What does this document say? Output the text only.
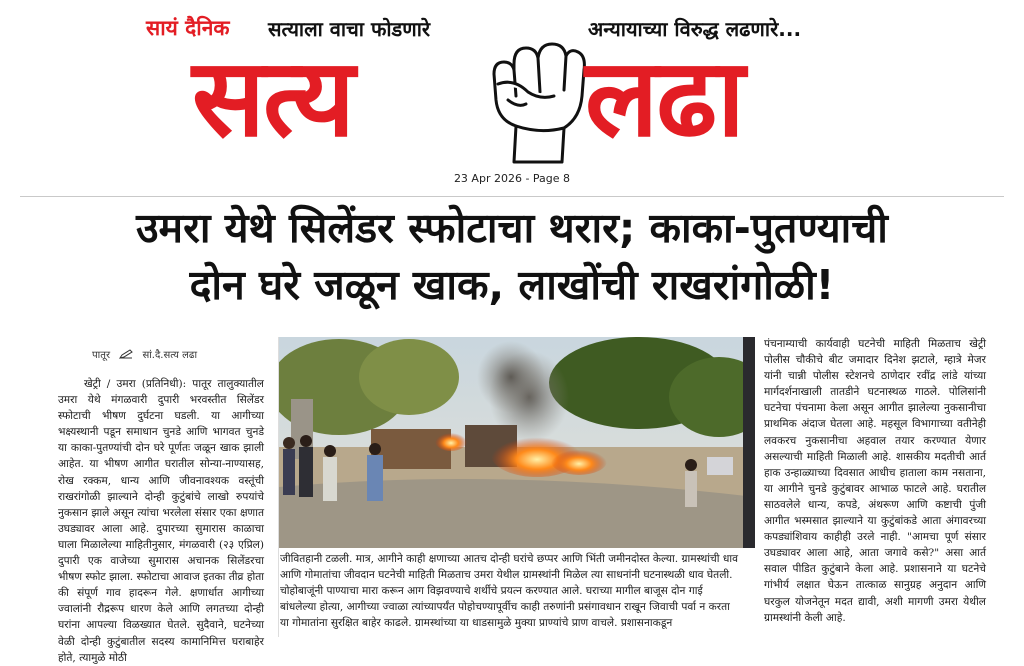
सायं दैनिक सत्याला वाचा फोडणारे	अन्यायाच्या विरुद्ध लढणारे...
सत्य लढा
23 Apr 2026 - Page 8
उमरा येथे सिलेंडर स्फोटाचा थरार; काका-पुतण्याची
दोन घरे जळून खाक, लाखोंची राखरांगोळी!
पातूर	सां.दै.सत्य लढा
खेट्री / उमरा (प्रतिनिधी): पातूर तालुक्यातील उमरा येथे मंगळवारी दुपारी भरवस्तीत सिलेंडर स्फोटाची भीषण दुर्घटना घडली. या आगीच्या भक्ष्यस्थानी पडून समाधान चुनडे आणि भागवत चुनडे या काका-पुतण्यांची दोन घरे पूर्णतः जळून खाक झाली आहेत. या भीषण आगीत घरातील सोन्या-नाण्यासह, रोख रक्कम, धान्य आणि जीवनावश्यक वस्तूंची राखरांगोळी झाल्याने दोन्ही कुटुंबांचे लाखो रुपयांचे नुकसान झाले असून त्यांचा भरलेला संसार एका क्षणात उघड्यावर आला आहे. दुपारच्या सुमारास काळाचा घाला मिळालेल्या माहितीनुसार, मंगळवारी (२३ एप्रिल) दुपारी एक वाजेच्या सुमारास अचानक सिलेंडरचा भीषण स्फोट झाला. स्फोटाचा आवाज इतका तीव्र होता की संपूर्ण गाव हादरून गेले. क्षणार्धात आगीच्या ज्वालांनी रौद्ररूप धारण केले आणि लगतच्या दोन्ही घरांना आपल्या विळख्यात घेतले. सुदैवाने, घटनेच्या वेळी दोन्ही कुटुंबातील सदस्य कामानिमित्त घराबाहेर होते, त्यामुळे मोठी
जीवितहानी टळली. मात्र, आगीने काही क्षणाच्या आतच दोन्ही घरांचे छप्पर आणि भिंती जमीनदोस्त केल्या. ग्रामस्थांची धाव आणि गोमातांचा जीवदान घटनेची माहिती मिळताच उमरा येथील ग्रामस्थांनी मिळेल त्या साधनांनी घटनास्थळी धाव घेतली. चोहोबाजूंनी पाण्याचा मारा करून आग विझवण्याचे शर्थीचे प्रयत्न करण्यात आले. घराच्या मागील बाजूस दोन गाई बांधलेल्या होत्या, आगीच्या ज्वाळा त्यांच्यापर्यंत पोहोचण्यापूर्वीच काही तरुणांनी प्रसंगावधान राखून जिवाची पर्वा न करता या गोमातांना सुरक्षित बाहेर काढले. ग्रामस्थांच्या या धाडसामुळे मुक्या प्राण्यांचे प्राण वाचले. प्रशासनाकडून
पंचनाम्याची कार्यवाही घटनेची माहिती मिळताच खेट्री पोलीस चौकीचे बीट जमादार दिनेश झटाले, म्हात्रे मेजर यांनी चान्नी पोलीस स्टेशनचे ठाणेदार रवींद्र लांडे यांच्या मार्गदर्शनाखाली तातडीने घटनास्थळ गाठले. पोलिसांनी घटनेचा पंचनामा केला असून आगीत झालेल्या नुकसानीचा प्राथमिक अंदाज घेतला आहे. महसूल विभागाच्या वतीनेही लवकरच नुकसानीचा अहवाल तयार करण्यात येणार असल्याची माहिती मिळाली आहे. शासकीय मदतीची आर्त हाक उन्हाळ्याच्या दिवसात आधीच हाताला काम नसताना, या आगीने चुनडे कुटुंबावर आभाळ फाटले आहे. घरातील साठवलेले धान्य, कपडे, अंथरूण आणि कष्टाची पुंजी आगीत भस्मसात झाल्याने या कुटुंबांकडे आता अंगावरच्या कपड्यांशिवाय काहीही उरले नाही. "आमचा पूर्ण संसार उघड्यावर आला आहे, आता जगावे कसे?" असा आर्त सवाल पीडित कुटुंबाने केला आहे. प्रशासनाने या घटनेचे गांभीर्य लक्षात घेऊन तात्काळ सानुग्रह अनुदान आणि घरकुल योजनेतून मदत द्यावी, अशी मागणी उमरा येथील ग्रामस्थांनी केली आहे.
